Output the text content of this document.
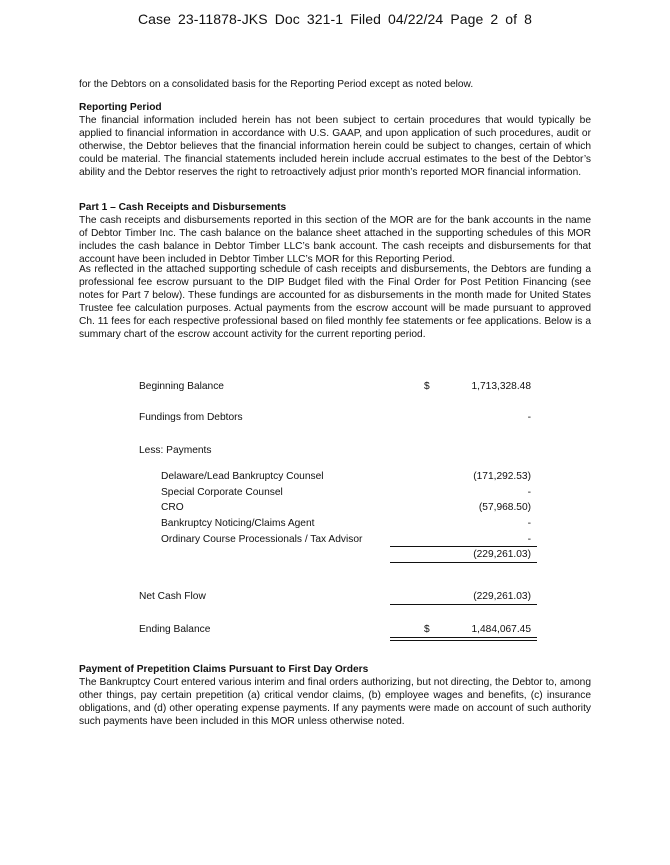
Case 23-11878-JKS Doc 321-1 Filed 04/22/24 Page 2 of 8

for the Debtors on a consolidated basis for the Reporting Period except as noted below.

Reporting Period

The financial information included herein has not been subject to certain procedures that would typically be applied to financial information in accordance with U.S. GAAP, and upon application of such procedures, audit or otherwise, the Debtor believes that the financial information herein could be subject to changes, certain of which could be material. The financial statements included herein include accrual estimates to the best of the Debtor’s ability and the Debtor reserves the right to retroactively adjust prior month’s reported MOR financial information.

Part 1 – Cash Receipts and Disbursements

The cash receipts and disbursements reported in this section of the MOR are for the bank accounts in the name of Debtor Timber Inc. The cash balance on the balance sheet attached in the supporting schedules of this MOR includes the cash balance in Debtor Timber LLC’s bank account. The cash receipts and disbursements for that account have been included in Debtor Timber LLC’s MOR for this Reporting Period.

As reflected in the attached supporting schedule of cash receipts and disbursements, the Debtors are funding a professional fee escrow pursuant to the DIP Budget filed with the Final Order for Post Petition Financing (see notes for Part 7 below). These fundings are accounted for as disbursements in the month made for United States Trustee fee calculation purposes. Actual payments from the escrow account will be made pursuant to approved Ch. 11 fees for each respective professional based on filed monthly fee statements or fee applications. Below is a summary chart of the escrow account activity for the current reporting period.

Beginning Balance	$	1,713,328.48
Fundings from Debtors	-
Less: Payments
Delaware/Lead Bankruptcy Counsel	(171,292.53)
Special Corporate Counsel	-
CRO	(57,968.50)
Bankruptcy Noticing/Claims Agent	-
Ordinary Course Processionals / Tax Advisor	-
(229,261.03)
Net Cash Flow	(229,261.03)
Ending Balance	$	1,484,067.45

Payment of Prepetition Claims Pursuant to First Day Orders

The Bankruptcy Court entered various interim and final orders authorizing, but not directing, the Debtor to, among other things, pay certain prepetition (a) critical vendor claims, (b) employee wages and benefits, (c) insurance obligations, and (d) other operating expense payments. If any payments were made on account of such authority such payments have been included in this MOR unless otherwise noted.
